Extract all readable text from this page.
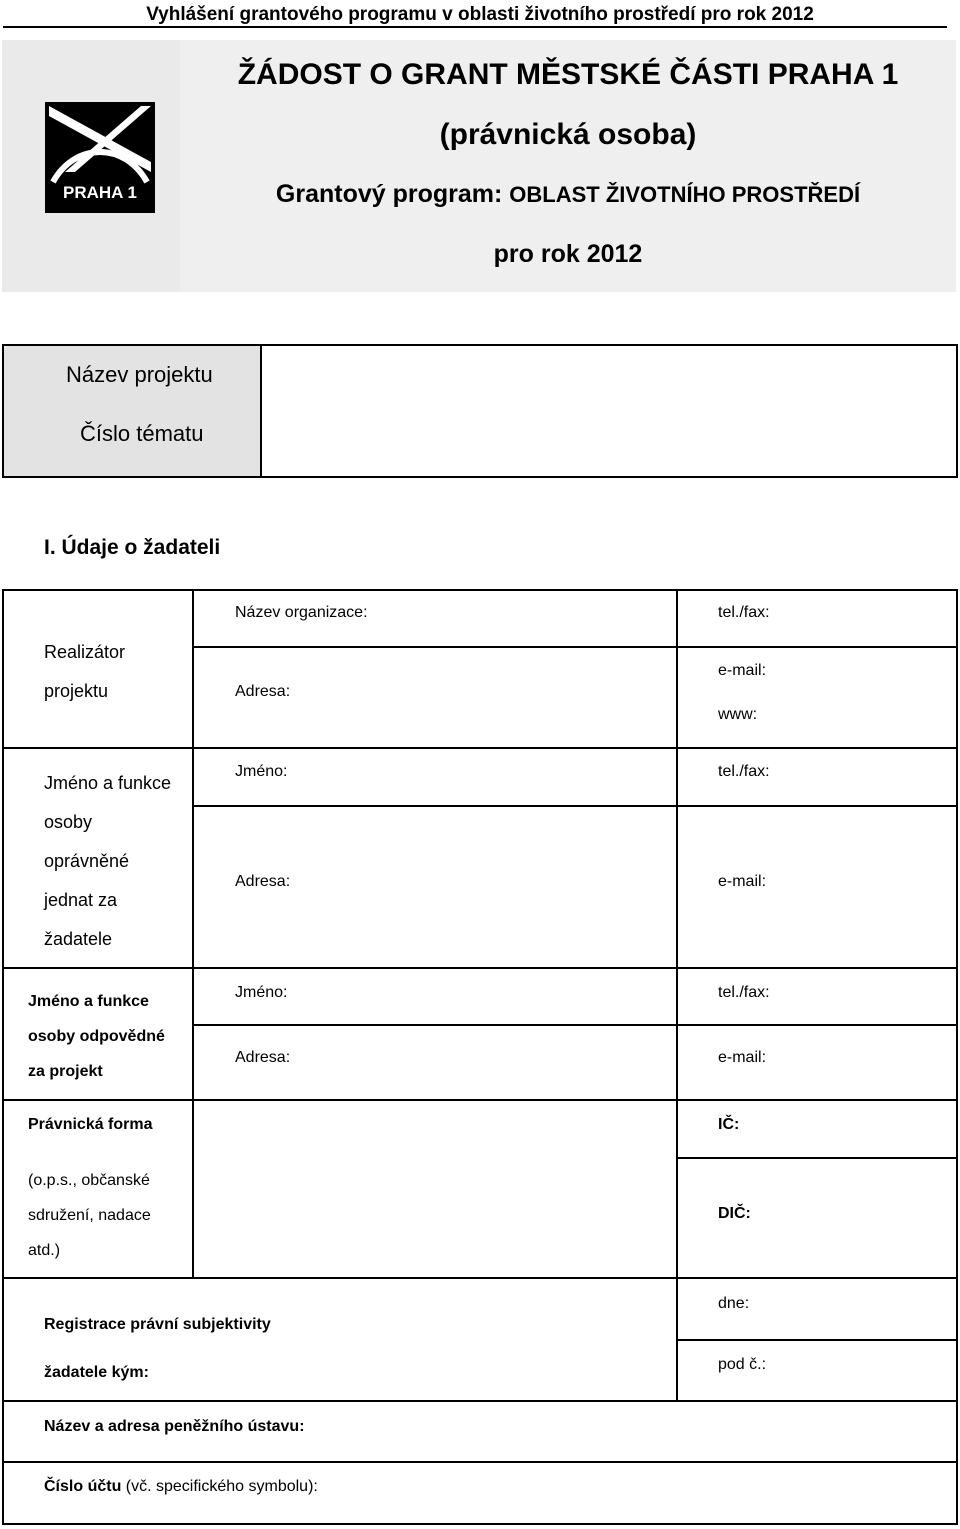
Vyhlášení grantového programu v oblasti životního prostředí pro rok 2012
PRAHA 1
ŽÁDOST O GRANT MĚSTSKÉ ČÁSTI PRAHA 1
(právnická osoba)
Grantový program: OBLAST ŽIVOTNÍHO PROSTŘEDÍ
pro rok 2012
Název projektu
Číslo tématu
I. Údaje o žadateli
Realizátor
projektu
Název organizace:
Adresa:
tel./fax:
e-mail:
www:
Jméno a funkce
osoby
oprávněné
jednat za
žadatele
Jméno:
Adresa:
tel./fax:
e-mail:
Jméno a funkce
osoby odpovědné
za projekt
Jméno:
Adresa:
tel./fax:
e-mail:
Právnická forma
(o.p.s., občanské
sdružení, nadace
atd.)
IČ:
DIČ:
Registrace právní subjektivity
žadatele kým:
dne:
pod č.:
Název a adresa peněžního ústavu:
Číslo účtu (vč. specifického symbolu):
